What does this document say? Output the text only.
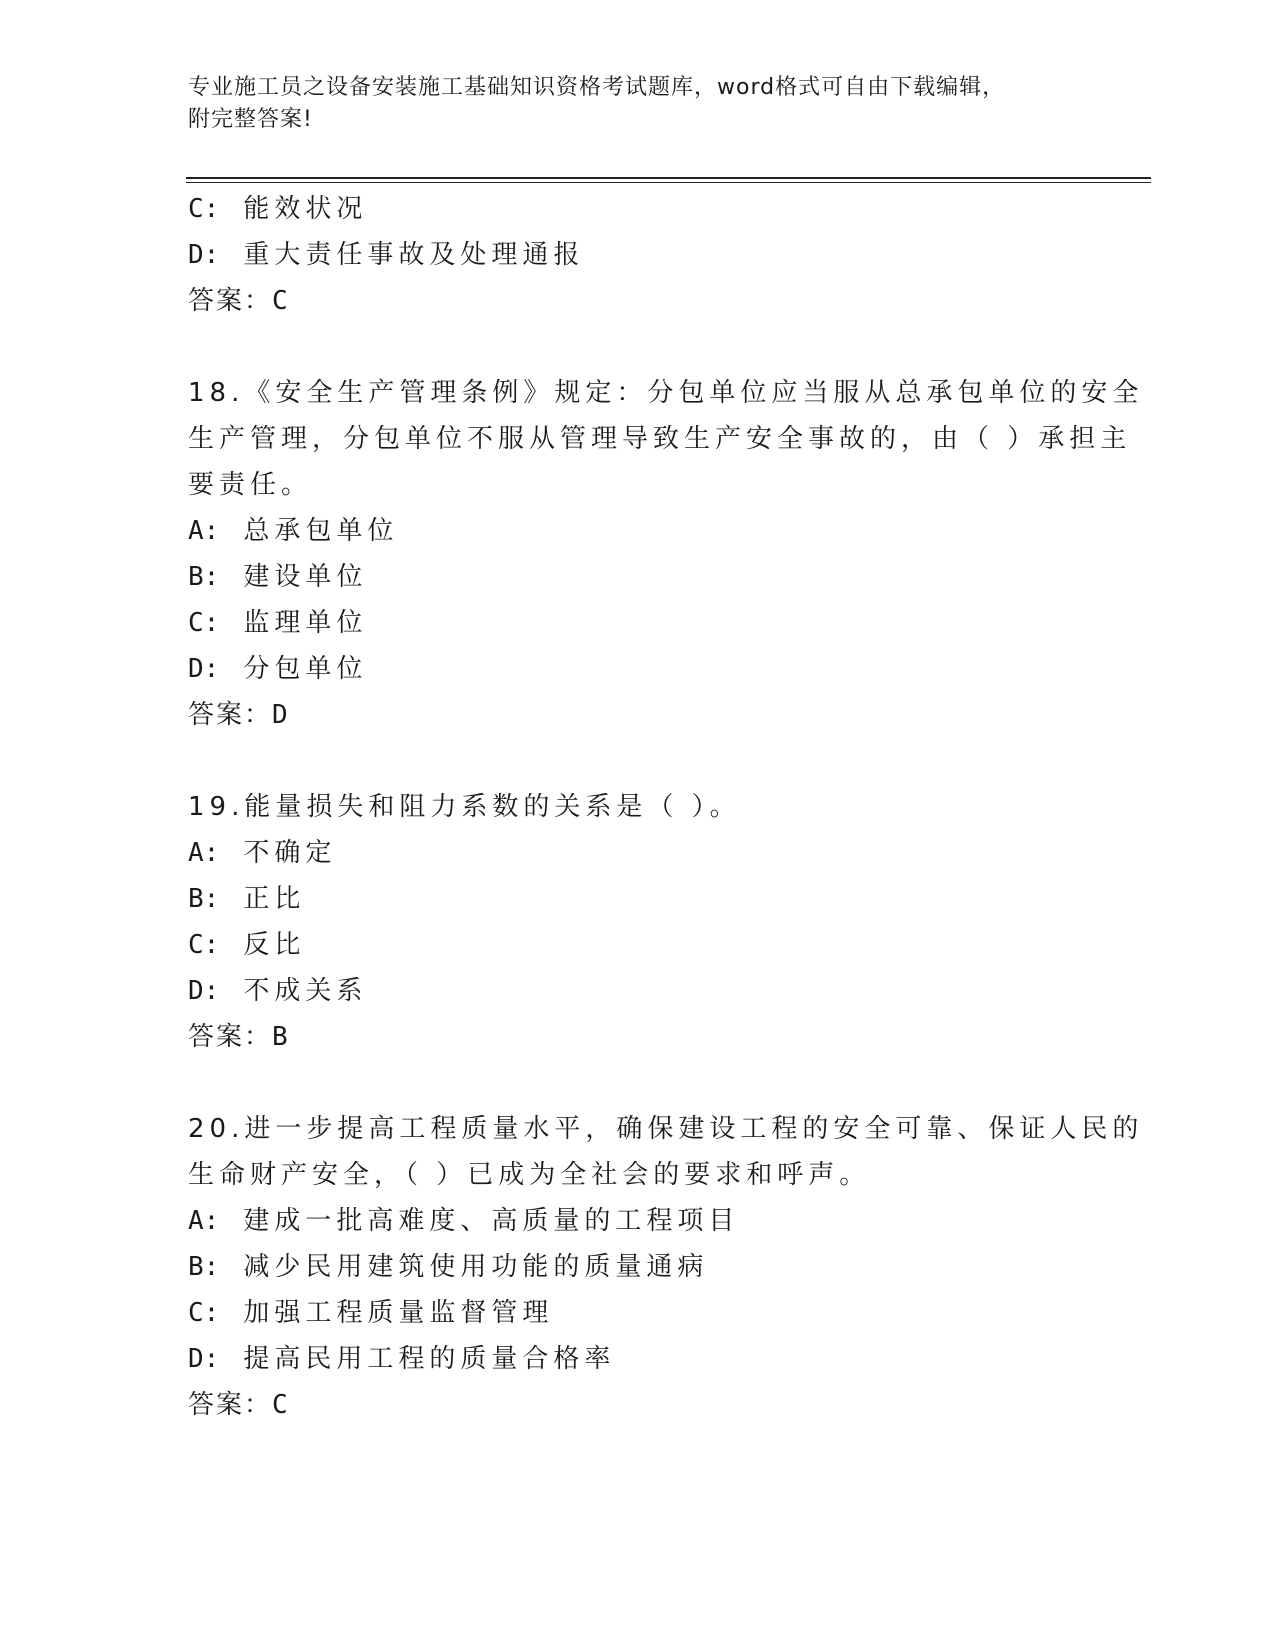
专业施工员之设备安装施工基础知识资格考试题库，word格式可自由下载编辑，
附完整答案!
C: 能效状况
D: 重大责任事故及处理通报
答案：C
18.《安全生产管理条例》规定：分包单位应当服从总承包单位的安全
生产管理，分包单位不服从管理导致生产安全事故的，由（ ）承担主
要责任。
A: 总承包单位
B: 建设单位
C: 监理单位
D: 分包单位
答案：D
19.能量损失和阻力系数的关系是（ ）。
A: 不确定
B: 正比
C: 反比
D: 不成关系
答案：B
20.进一步提高工程质量水平，确保建设工程的安全可靠、保证人民的
生命财产安全，（ ）已成为全社会的要求和呼声。
A: 建成一批高难度、高质量的工程项目
B: 减少民用建筑使用功能的质量通病
C: 加强工程质量监督管理
D: 提高民用工程的质量合格率
答案：C
